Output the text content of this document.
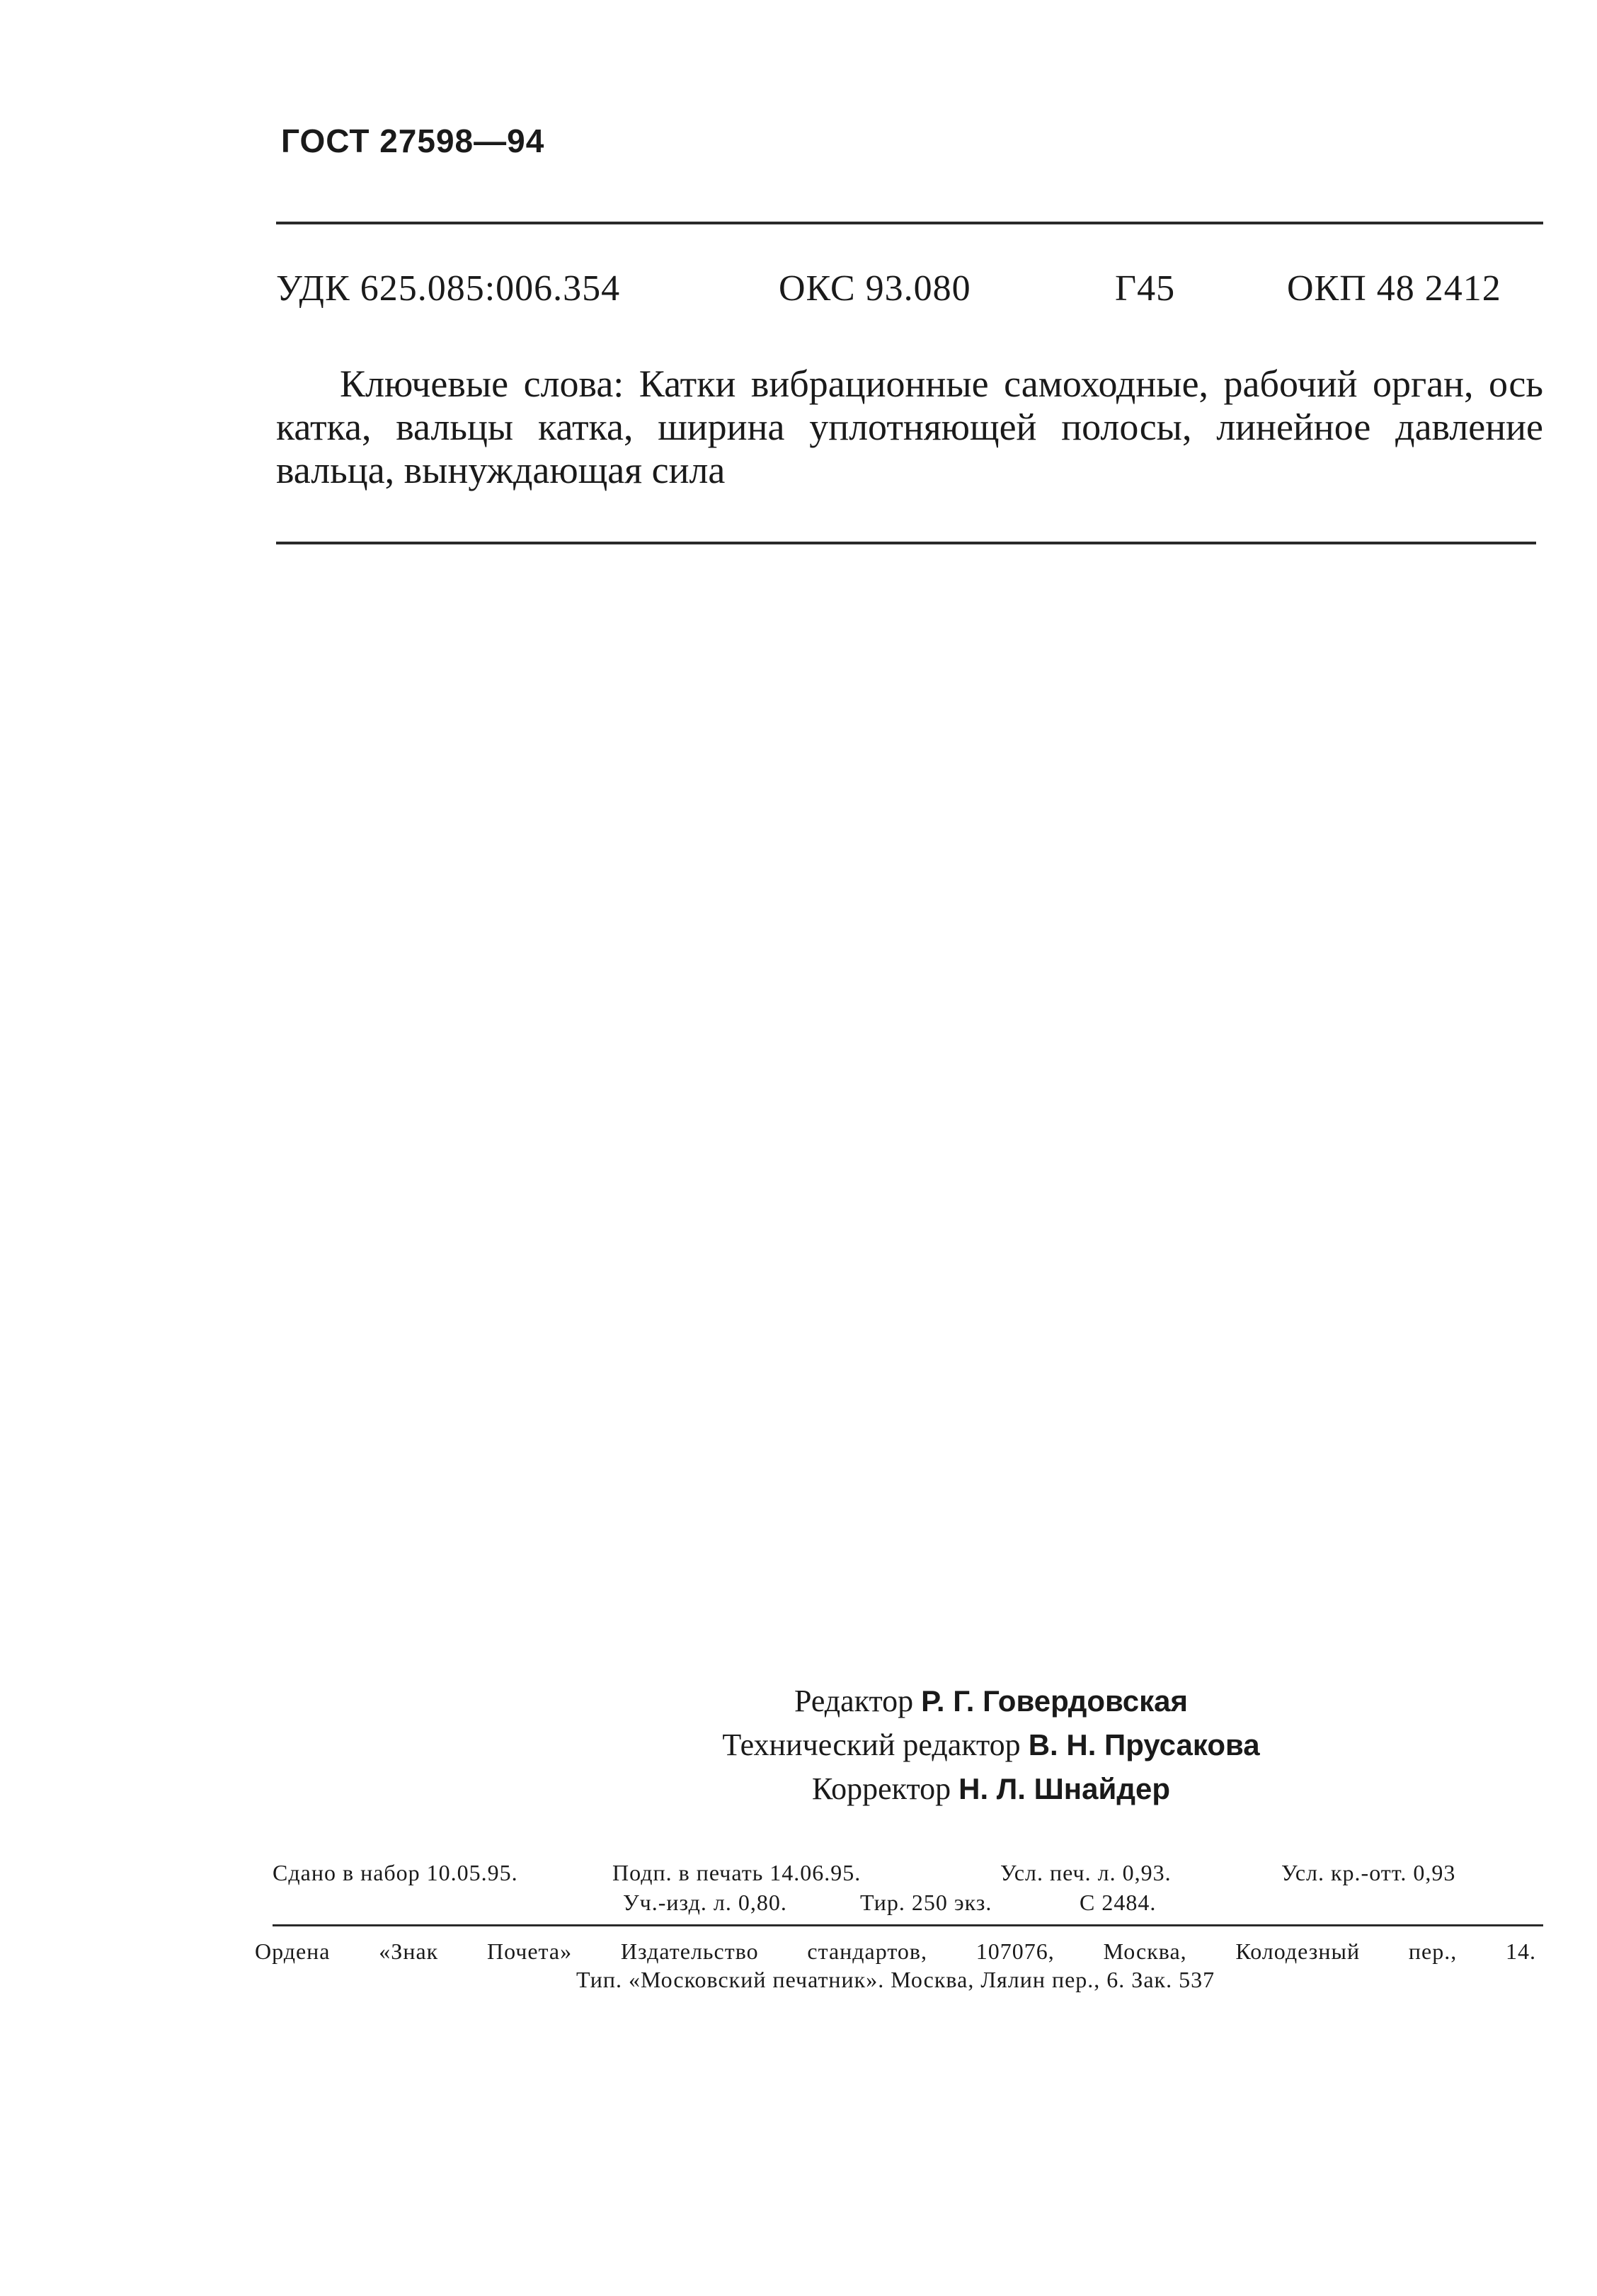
ГОСТ 27598—94
УДК 625.085:006.354	ОКС 93.080	Г45	ОКП 48 2412
Ключевые слова: Катки вибрационные самоходные, рабочий орган, ось катка, вальцы катка, ширина уплотняющей полосы, линейное давление вальца, вынуждающая сила
Редактор Р. Г. Говердовская
Технический редактор В. Н. Прусакова
Корректор Н. Л. Шнайдер
Сдано в набор 10.05.95.	Подп. в печать 14.06.95.	Усл. печ. л. 0,93.	Усл. кр.-отт. 0,93
Уч.-изд. л. 0,80.	Тир. 250 экз.	С 2484.
Ордена «Знак Почета» Издательство стандартов, 107076, Москва, Колодезный пер., 14.
Тип. «Московский печатник». Москва, Лялин пер., 6. Зак. 537
